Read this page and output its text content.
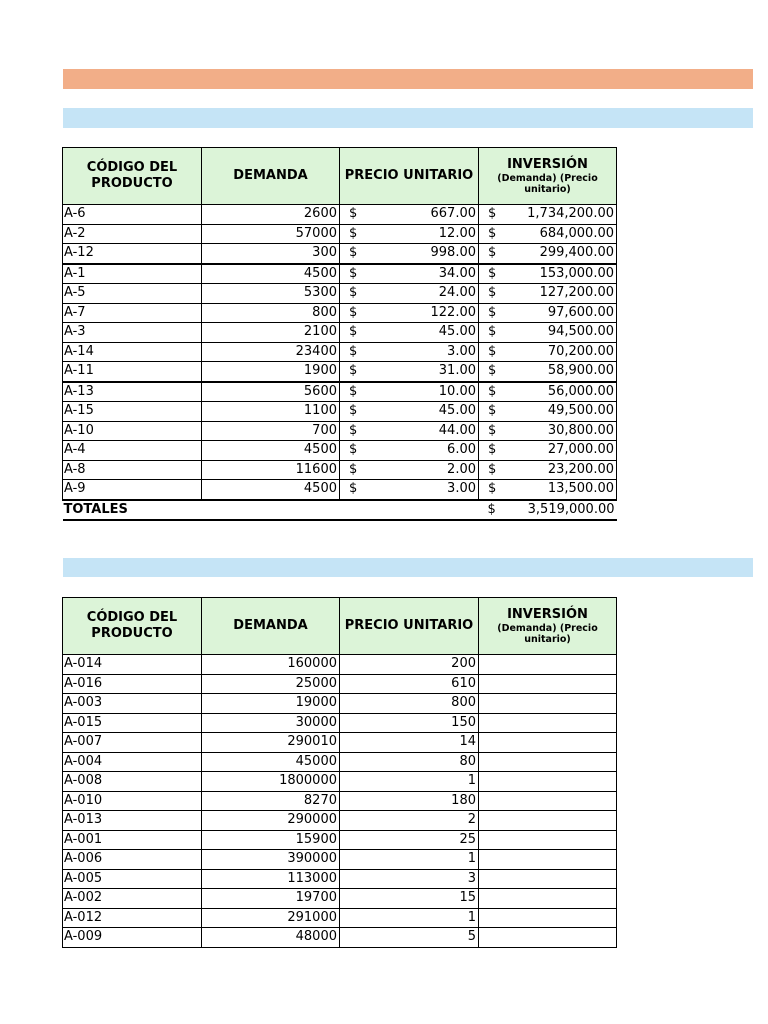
CÓDIGO DEL PRODUCTO	DEMANDA	PRECIO UNITARIO	INVERSIÓN
(Demanda) (Precio unitario)

A-6	2600	$ 667.00	$ 1,734,200.00
A-2	57000	$ 12.00	$ 684,000.00
A-12	300	$ 998.00	$ 299,400.00
A-1	4500	$ 34.00	$ 153,000.00
A-5	5300	$ 24.00	$ 127,200.00
A-7	800	$ 122.00	$ 97,600.00
A-3	2100	$ 45.00	$ 94,500.00
A-14	23400	$ 3.00	$ 70,200.00
A-11	1900	$ 31.00	$ 58,900.00
A-13	5600	$ 10.00	$ 56,000.00
A-15	1100	$ 45.00	$ 49,500.00
A-10	700	$ 44.00	$ 30,800.00
A-4	4500	$ 6.00	$ 27,000.00
A-8	11600	$ 2.00	$ 23,200.00
A-9	4500	$ 3.00	$ 13,500.00
TOTALES			$ 3,519,000.00
CÓDIGO DEL PRODUCTO	DEMANDA	PRECIO UNITARIO	INVERSIÓN
(Demanda) (Precio unitario)

A-014	160000	200	
A-016	25000	610	
A-003	19000	800	
A-015	30000	150	
A-007	290010	14	
A-004	45000	80	
A-008	1800000	1	
A-010	8270	180	
A-013	290000	2	
A-001	15900	25	
A-006	390000	1	
A-005	113000	3	
A-002	19700	15	
A-012	291000	1	
A-009	48000	5	
